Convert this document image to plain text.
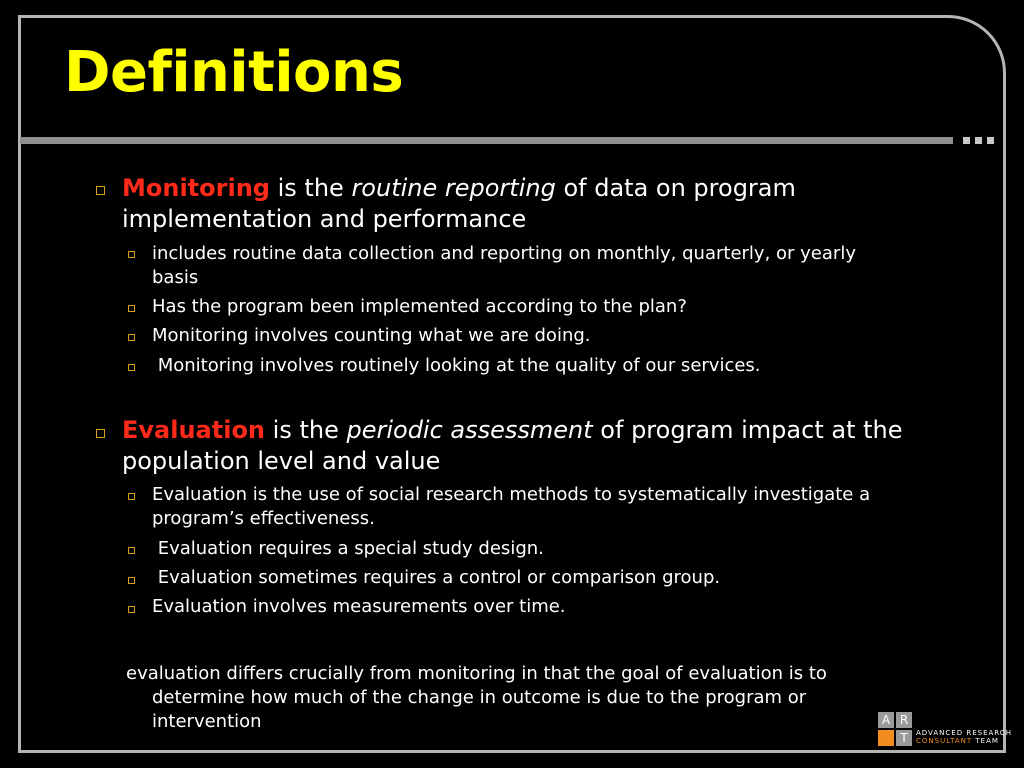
Definitions
Monitoring is the routine reporting of data on program
implementation and performance
includes routine data collection and reporting on monthly, quarterly, or yearly
basis
Has the program been implemented according to the plan?
Monitoring involves counting what we are doing.
Monitoring involves routinely looking at the quality of our services.
Evaluation is the periodic assessment of program impact at the
population level and value
Evaluation is the use of social research methods to systematically investigate a
program’s effectiveness.
Evaluation requires a special study design.
Evaluation sometimes requires a control or comparison group.
Evaluation involves measurements over time.
evaluation differs crucially from monitoring in that the goal of evaluation is to
determine how much of the change in outcome is due to the program or
intervention	A R
T	ADVANCED RESEARCH
CONSULTANT TEAM
